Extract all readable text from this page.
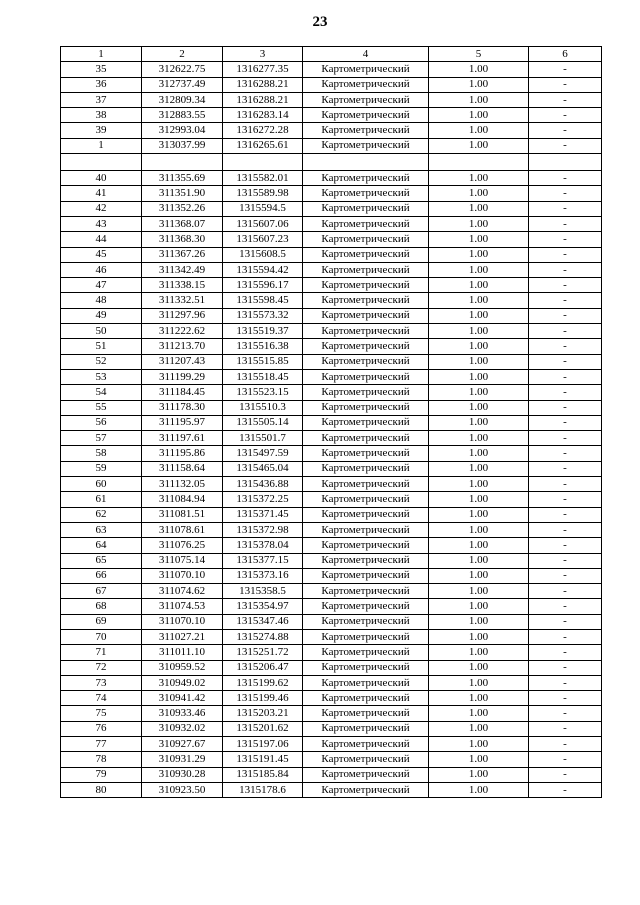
23
1	2	3	4	5	6
35	312622.75	1316277.35	Картометрический	1.00	-
36	312737.49	1316288.21	Картометрический	1.00	-
37	312809.34	1316288.21	Картометрический	1.00	-
38	312883.55	1316283.14	Картометрический	1.00	-
39	312993.04	1316272.28	Картометрический	1.00	-
1	313037.99	1316265.61	Картометрический	1.00	-

40	311355.69	1315582.01	Картометрический	1.00	-
41	311351.90	1315589.98	Картометрический	1.00	-
42	311352.26	1315594.5	Картометрический	1.00	-
43	311368.07	1315607.06	Картометрический	1.00	-
44	311368.30	1315607.23	Картометрический	1.00	-
45	311367.26	1315608.5	Картометрический	1.00	-
46	311342.49	1315594.42	Картометрический	1.00	-
47	311338.15	1315596.17	Картометрический	1.00	-
48	311332.51	1315598.45	Картометрический	1.00	-
49	311297.96	1315573.32	Картометрический	1.00	-
50	311222.62	1315519.37	Картометрический	1.00	-
51	311213.70	1315516.38	Картометрический	1.00	-
52	311207.43	1315515.85	Картометрический	1.00	-
53	311199.29	1315518.45	Картометрический	1.00	-
54	311184.45	1315523.15	Картометрический	1.00	-
55	311178.30	1315510.3	Картометрический	1.00	-
56	311195.97	1315505.14	Картометрический	1.00	-
57	311197.61	1315501.7	Картометрический	1.00	-
58	311195.86	1315497.59	Картометрический	1.00	-
59	311158.64	1315465.04	Картометрический	1.00	-
60	311132.05	1315436.88	Картометрический	1.00	-
61	311084.94	1315372.25	Картометрический	1.00	-
62	311081.51	1315371.45	Картометрический	1.00	-
63	311078.61	1315372.98	Картометрический	1.00	-
64	311076.25	1315378.04	Картометрический	1.00	-
65	311075.14	1315377.15	Картометрический	1.00	-
66	311070.10	1315373.16	Картометрический	1.00	-
67	311074.62	1315358.5	Картометрический	1.00	-
68	311074.53	1315354.97	Картометрический	1.00	-
69	311070.10	1315347.46	Картометрический	1.00	-
70	311027.21	1315274.88	Картометрический	1.00	-
71	311011.10	1315251.72	Картометрический	1.00	-
72	310959.52	1315206.47	Картометрический	1.00	-
73	310949.02	1315199.62	Картометрический	1.00	-
74	310941.42	1315199.46	Картометрический	1.00	-
75	310933.46	1315203.21	Картометрический	1.00	-
76	310932.02	1315201.62	Картометрический	1.00	-
77	310927.67	1315197.06	Картометрический	1.00	-
78	310931.29	1315191.45	Картометрический	1.00	-
79	310930.28	1315185.84	Картометрический	1.00	-
80	310923.50	1315178.6	Картометрический	1.00	-
